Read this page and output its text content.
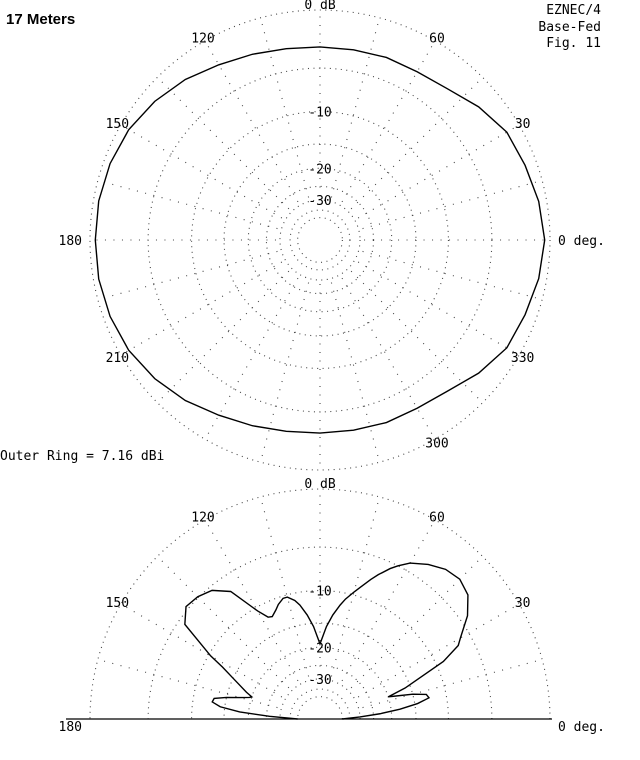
17 Meters
EZNEC/4
Base-Fed
Fig. 11
Outer Ring = 7.16 dBi
0 deg.
30
60
0 dB
120
150
180
210
300
330
-10
-20
-30
0 deg.
30
60
0 dB
120
150
180
-10
-20
-30
